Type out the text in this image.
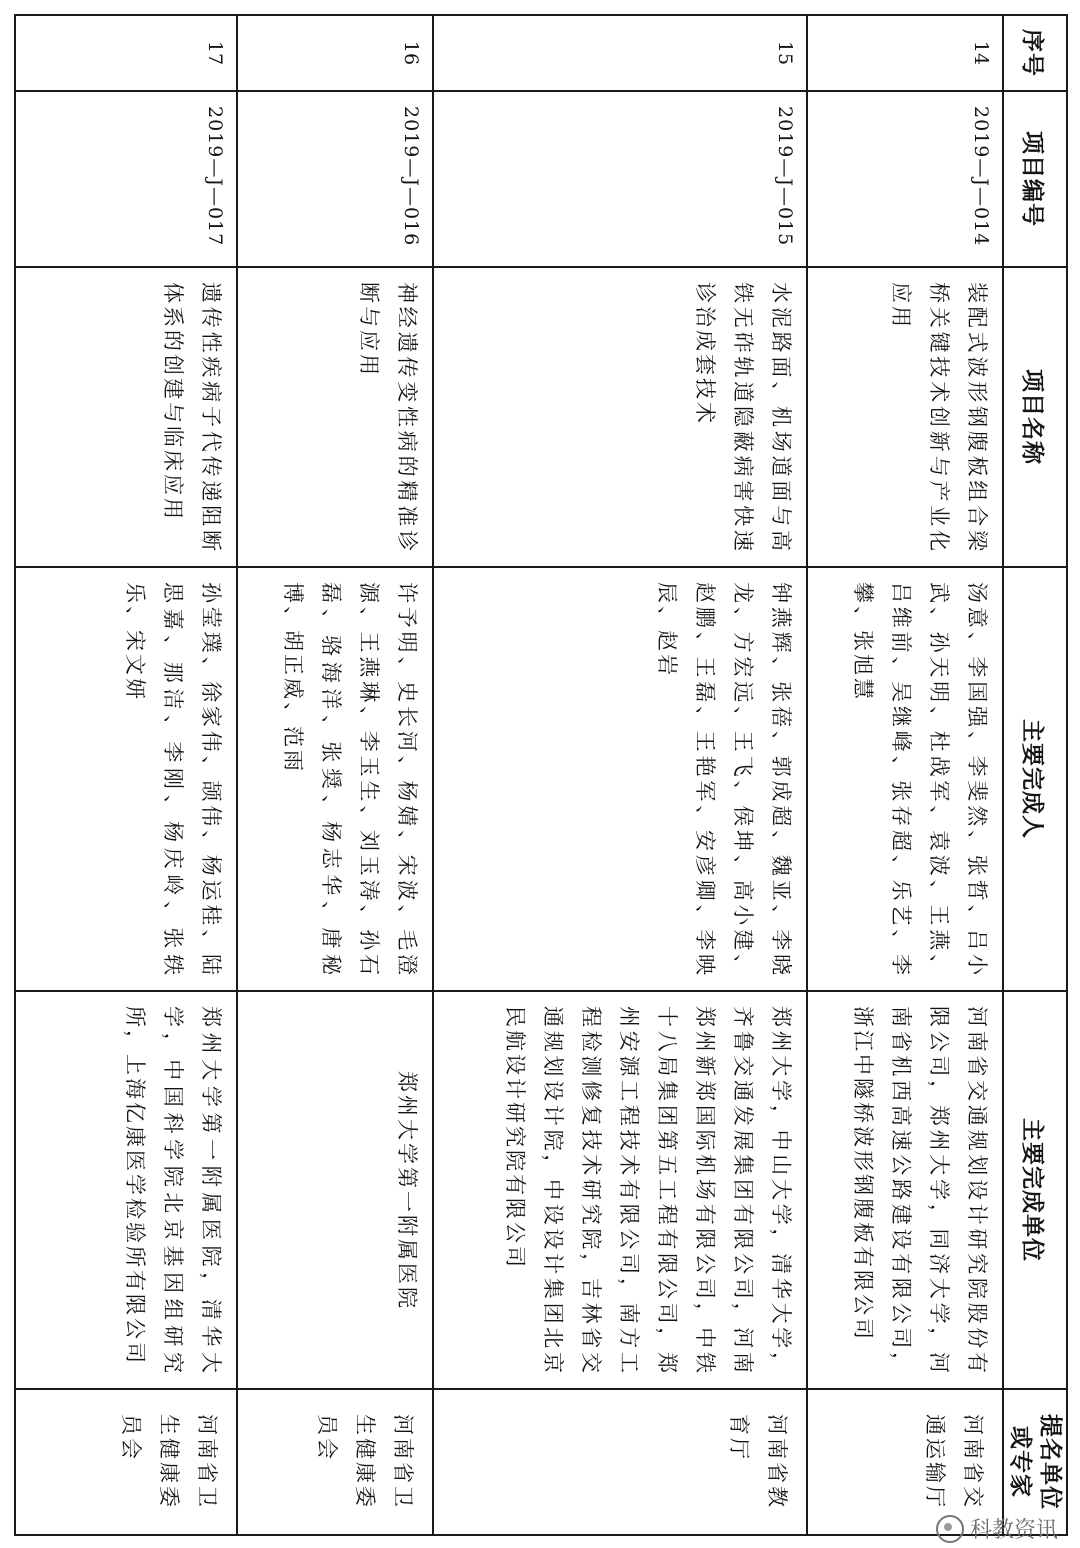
序号	项目编号	项目名称	主要完成人	主要完成单位	提名单位
或专家

14	2019—J—014	装配式波形钢腹板组合梁桥关键技术创新与产业化应用	汤意、李国强、李斐然、张哲、吕小武、孙天明、杜战军、袁波、王燕、吕维前、吴继峰、张存超、乐艺、李攀、张旭慧	河南省交通规划设计研究院股份有限公司，郑州大学，同济大学，河南省机西高速公路建设有限公司，浙江中隧桥波形钢腹板有限公司	河南省交通运输厅
15	2019—J—015	水泥路面、机场道面与高铁无砟轨道隐蔽病害快速诊治成套技术	钟燕辉、张蓓、郭成超、魏亚、李晓龙、方宏远、王飞、侯坤、高小建、赵鹏、王磊、王艳军、安彦卿、李映辰、赵岩	郑州大学，中山大学，清华大学，齐鲁交通发展集团有限公司，河南郑州新郑国际机场有限公司，中铁十八局集团第五工程有限公司，郑州安源工程技术有限公司，南方工程检测修复技术研究院，吉林省交通规划设计院，中设设计集团北京民航设计研究院有限公司	河南省教育厅
16	2019—J—016	神经遗传变性病的精准诊断与应用	许予明、史长河、杨婧、宋波、毛澄源、王燕琳、李玉生、刘玉涛、孙石磊、骆海洋、张奨、杨志华、唐秘博、胡正威、范雨	郑州大学第一附属医院	河南省卫生健康委员会
17	2019—J—017	遗传性疾病子代传递阻断体系的创建与临床应用	孙莹璞、徐家伟、颉伟、杨运桂、陆思嘉、那洁、李刚、杨庆岭、张轶乐、宋文妍	郑州大学第一附属医院，清华大学，中国科学院北京基因组研究所，上海亿康医学检验所有限公司	河南省卫生健康委员会
科教资讯
